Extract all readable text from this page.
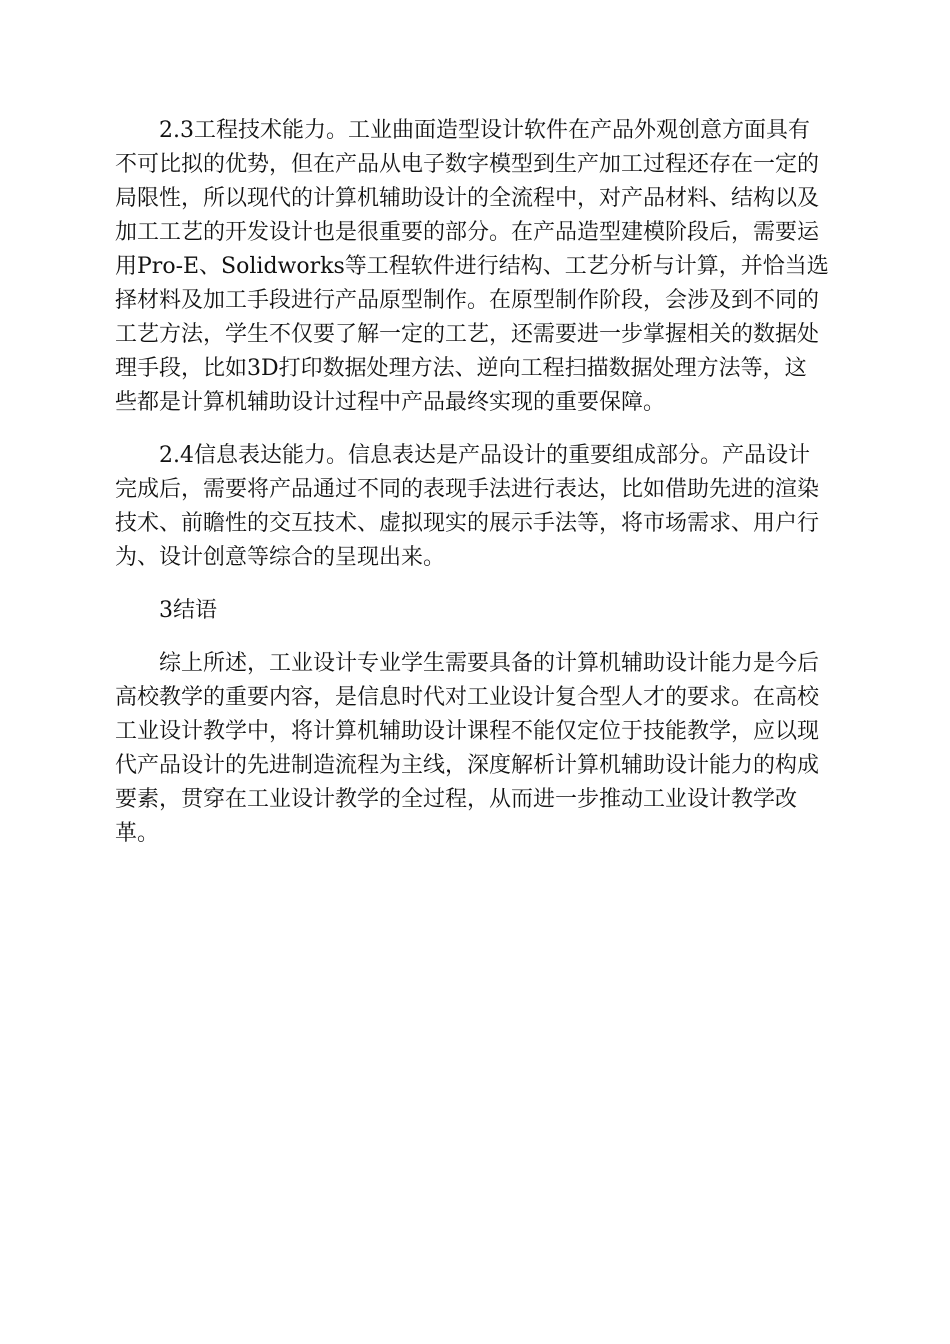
2.3工程技术能力。工业曲面造型设计软件在产品外观创意方面具有
不可比拟的优势，但在产品从电子数字模型到生产加工过程还存在一定的
局限性，所以现代的计算机辅助设计的全流程中，对产品材料、结构以及
加工工艺的开发设计也是很重要的部分。在产品造型建模阶段后，需要运
用Pro-E、Solidworks等工程软件进行结构、工艺分析与计算，并恰当选
择材料及加工手段进行产品原型制作。在原型制作阶段，会涉及到不同的
工艺方法，学生不仅要了解一定的工艺，还需要进一步掌握相关的数据处
理手段，比如3D打印数据处理方法、逆向工程扫描数据处理方法等，这
些都是计算机辅助设计过程中产品最终实现的重要保障。
2.4信息表达能力。信息表达是产品设计的重要组成部分。产品设计
完成后，需要将产品通过不同的表现手法进行表达，比如借助先进的渲染
技术、前瞻性的交互技术、虚拟现实的展示手法等，将市场需求、用户行
为、设计创意等综合的呈现出来。
3结语
综上所述，工业设计专业学生需要具备的计算机辅助设计能力是今后
高校教学的重要内容，是信息时代对工业设计复合型人才的要求。在高校
工业设计教学中，将计算机辅助设计课程不能仅定位于技能教学，应以现
代产品设计的先进制造流程为主线，深度解析计算机辅助设计能力的构成
要素，贯穿在工业设计教学的全过程，从而进一步推动工业设计教学改
革。
